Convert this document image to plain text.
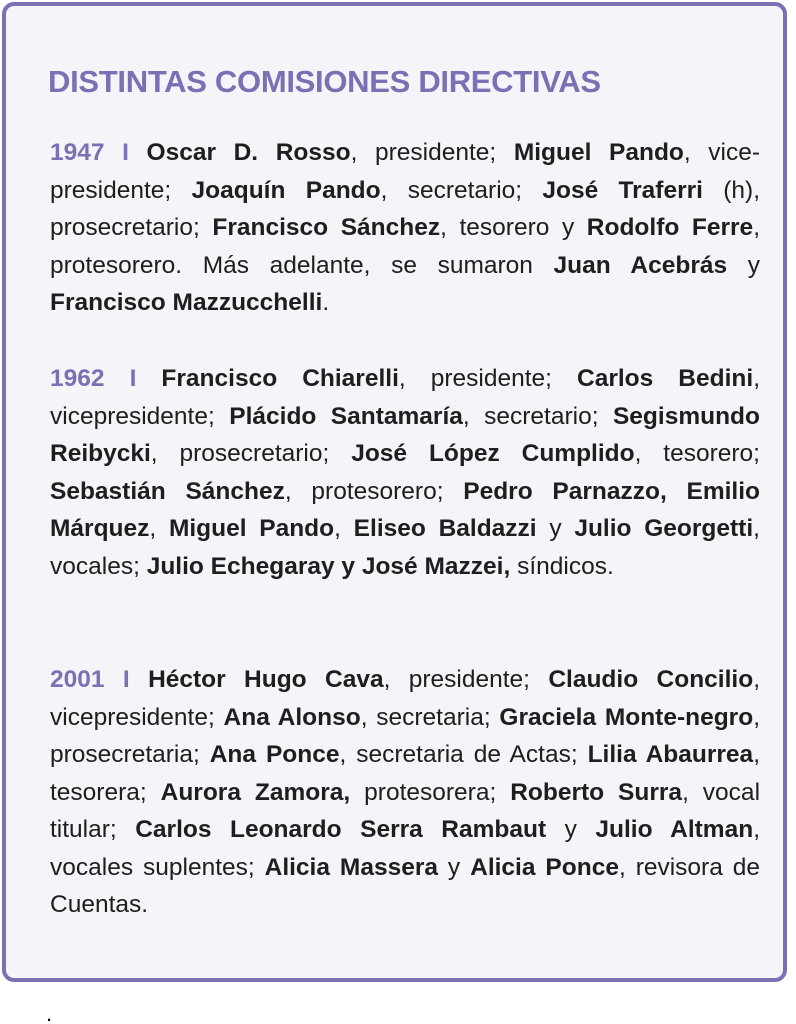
DISTINTAS COMISIONES DIRECTIVAS

1947 I Oscar D. Rosso, presidente; Miguel Pando, vice-presidente; Joaquín Pando, secretario; José Traferri (h), prosecretario; Francisco Sánchez, tesorero y Rodolfo Ferre, protesorero. Más adelante, se sumaron Juan Acebrás y Francisco Mazzucchelli.

1962 I Francisco Chiarelli, presidente; Carlos Bedini, vicepresidente; Plácido Santamaría, secretario; Segismundo Reibycki, prosecretario; José López Cumplido, tesorero; Sebastián Sánchez, protesorero; Pedro Parnazzo, Emilio Márquez, Miguel Pando, Eliseo Baldazzi y Julio Georgetti, vocales; Julio Echegaray y José Mazzei, síndicos.

2001 I Héctor Hugo Cava, presidente; Claudio Concilio, vicepresidente; Ana Alonso, secretaria; Graciela Monte-negro, prosecretaria; Ana Ponce, secretaria de Actas; Lilia Abaurrea, tesorera; Aurora Zamora, protesorera; Roberto Surra, vocal titular; Carlos Leonardo Serra Rambaut y Julio Altman, vocales suplentes; Alicia Massera y Alicia Ponce, revisora de Cuentas.

.
